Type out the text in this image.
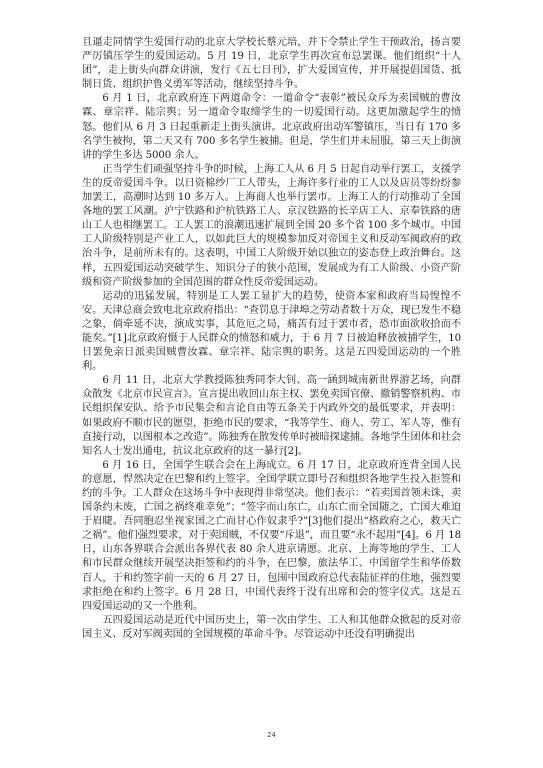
且逼走同情学生爱国行动的北京大学校长蔡元培，并下令禁止学生干预政治，扬言要严厉镇压学生的爱国运动。5 月 19 日，北京学生再次宣布总罢课。他们组织“十人团”，走上街头向群众讲演，发行《五七日刊》，扩大爱国宣传，并开展提倡国货、抵制日货、组织护鲁义勇军等活动，继续坚持斗争。

6 月 1 日，北京政府连下两道命令：一道命令“表彰”被民众斥为卖国贼的曹汝霖、章宗祥、陆宗舆；另一道命令取缔学生的一切爱国行动。这更加激起学生的愤怒。他们从 6 月 3 日起重新走上街头演讲。北京政府出动军警镇压，当日有 170 多名学生被拘，第二天又有 700 多名学生被捕。但是，学生们并未屈服，第三天上街演讲的学生多达 5000 余人。

正当学生们顽强坚持斗争的时候，上海工人从 6 月 5 日起自动举行罢工，支援学生的反帝爱国斗争。以日资棉纱厂工人带头，上海许多行业的工人以及店员等纷纷参加罢工，高潮时达到 10 多万人。上海商人也举行罢市。上海工人的行动推动了全国各地的罢工风潮。沪宁铁路和沪杭铁路工人、京汉铁路的长辛店工人、京奉铁路的唐山工人也相继罢工。工人罢工的浪潮迅速扩展到全国 20 多个省 100 多个城市。中国工人阶级特别是产业工人，以如此巨大的规模参加反对帝国主义和反动军阀政府的政治斗争，是前所未有的。这表明，中国工人阶级开始以独立的姿态登上政治舞台。这样，五四爱国运动突破学生、知识分子的狭小范围，发展成为有工人阶级、小资产阶级和资产阶级参加的全国范围的群众性反帝爱国运动。

运动的迅猛发展，特别是工人罢工显扩大的趋势，使资本家和政府当局惶惶不安。天津总商会致电北京政府指出：“查罚息于津埠之劳动者数十万众，现已发生不稳之象，倘牵延不决，演成实事，其危厄之局，痛苦有过于罢市者，恐市面欲收拾而不能矣。”[1]北京政府慑于人民群众的愤怒和威力，于 6 月 7 日被迫释放被捕学生，10 日罢免亲日派卖国贼曹汝霖、章宗祥、陆宗舆的职务。这是五四爱国运动的一个胜利。

6 月 11 日，北京大学教授陈独秀同李大钊、高一涵到城南新世界游艺场，向群众散发《北京市民宣言》。宣言提出收回山东主权、罢免卖国官僚、撤销警察机构、市民组织保安队、给予市民集会和言论自由等五条关于内政外交的最低要求，并表明：如果政府不顺市民的愿望，拒绝市民的要求，“我等学生、商人、劳工、军人等，惟有直接行动，以图根本之改造”。陈独秀在散发传单时被暗探逮捕。各地学生团体和社会知名人士发出通电，抗议北京政府的这一暴行[2]。

6 月 16 日，全国学生联合会在上海成立。6 月 17 日，北京政府连背全国人民的意愿，悍然决定在巴黎和约上签字。全国学联立即号召和组织各地学生投入拒签和约的斗争。工人群众在这场斗争中表现得非常坚决。他们表示：“若卖国首领未诛，卖国条约未废，亡国之祸终难幸免”；“签字而山东亡，山东亡而全国随之，亡国大难迫于眉睫。吾同胞忍坐视家国之亡而甘心作奴隶乎?”[3]他们提出“格政府之心，救天亡之祸”。他们强烈要求，对于卖国贼，不仅要“斥退”，而且要“永不起用”[4]。6 月 18 日，山东各界联合会派出各界代表 80 余人进京请愿。北京、上海等地的学生、工人和市民群众继续开展坚决拒签和约的斗争，在巴黎，旅法华工、中国留学生和华侨数百人，于和约签字前一天的 6 月 27 日，包围中国政府总代表陆征祥的住地，强烈要求拒绝在和约上签字。6 月 28 日，中国代表终于没有出席和会的签字仪式。这是五四爱国运动的又一个胜利。

五四爱国运动是近代中国历史上，第一次由学生、工人和其他群众掀起的反对帝国主义、反对军阀卖国的全国规模的革命斗争。尽管运动中还没有明确提出

24
